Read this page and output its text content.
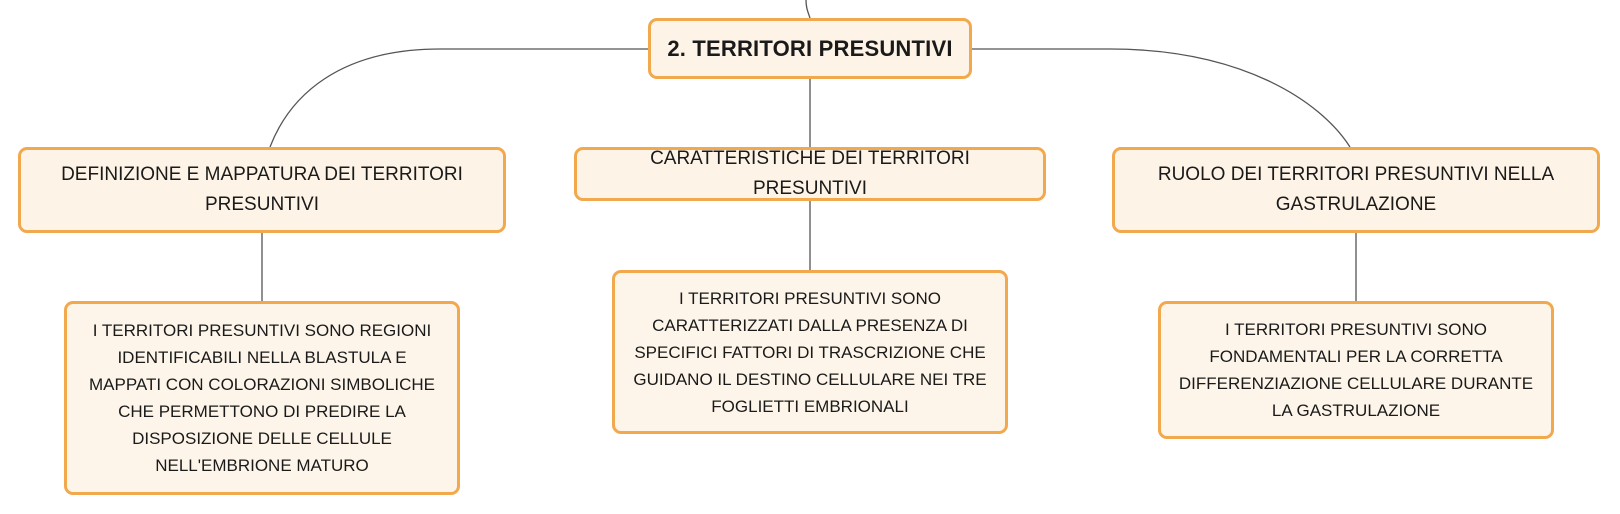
2. TERRITORI PRESUNTIVI
DEFINIZIONE E MAPPATURA DEI TERRITORI PRESUNTIVI
CARATTERISTICHE DEI TERRITORI PRESUNTIVI
RUOLO DEI TERRITORI PRESUNTIVI NELLA GASTRULAZIONE
I TERRITORI PRESUNTIVI SONO REGIONI IDENTIFICABILI NELLA BLASTULA E MAPPATI CON COLORAZIONI SIMBOLICHE CHE PERMETTONO DI PREDIRE LA DISPOSIZIONE DELLE CELLULE NELL'EMBRIONE MATURO
I TERRITORI PRESUNTIVI SONO CARATTERIZZATI DALLA PRESENZA DI SPECIFICI FATTORI DI TRASCRIZIONE CHE GUIDANO IL DESTINO CELLULARE NEI TRE FOGLIETTI EMBRIONALI
I TERRITORI PRESUNTIVI SONO FONDAMENTALI PER LA CORRETTA DIFFERENZIAZIONE CELLULARE DURANTE LA GASTRULAZIONE
